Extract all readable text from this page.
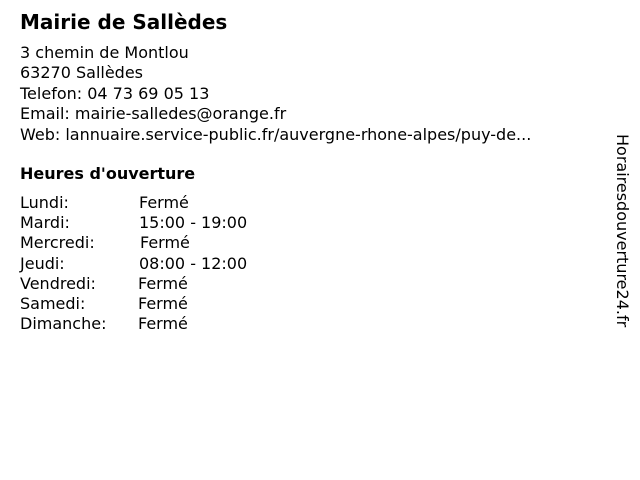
Mairie de Sallèdes
3 chemin de Montlou
63270 Sallèdes
Telefon: 04 73 69 05 13
Email: mairie-salledes@orange.fr
Web: lannuaire.service-public.fr/auvergne-rhone-alpes/puy-de...
Heures d'ouverture
Lundi:	Fermé
Mardi:	15:00 - 19:00
Mercredi:	Fermé
Jeudi:	08:00 - 12:00
Vendredi:	Fermé
Samedi:	Fermé
Dimanche: Fermé	Horairesdouverture24.fr
